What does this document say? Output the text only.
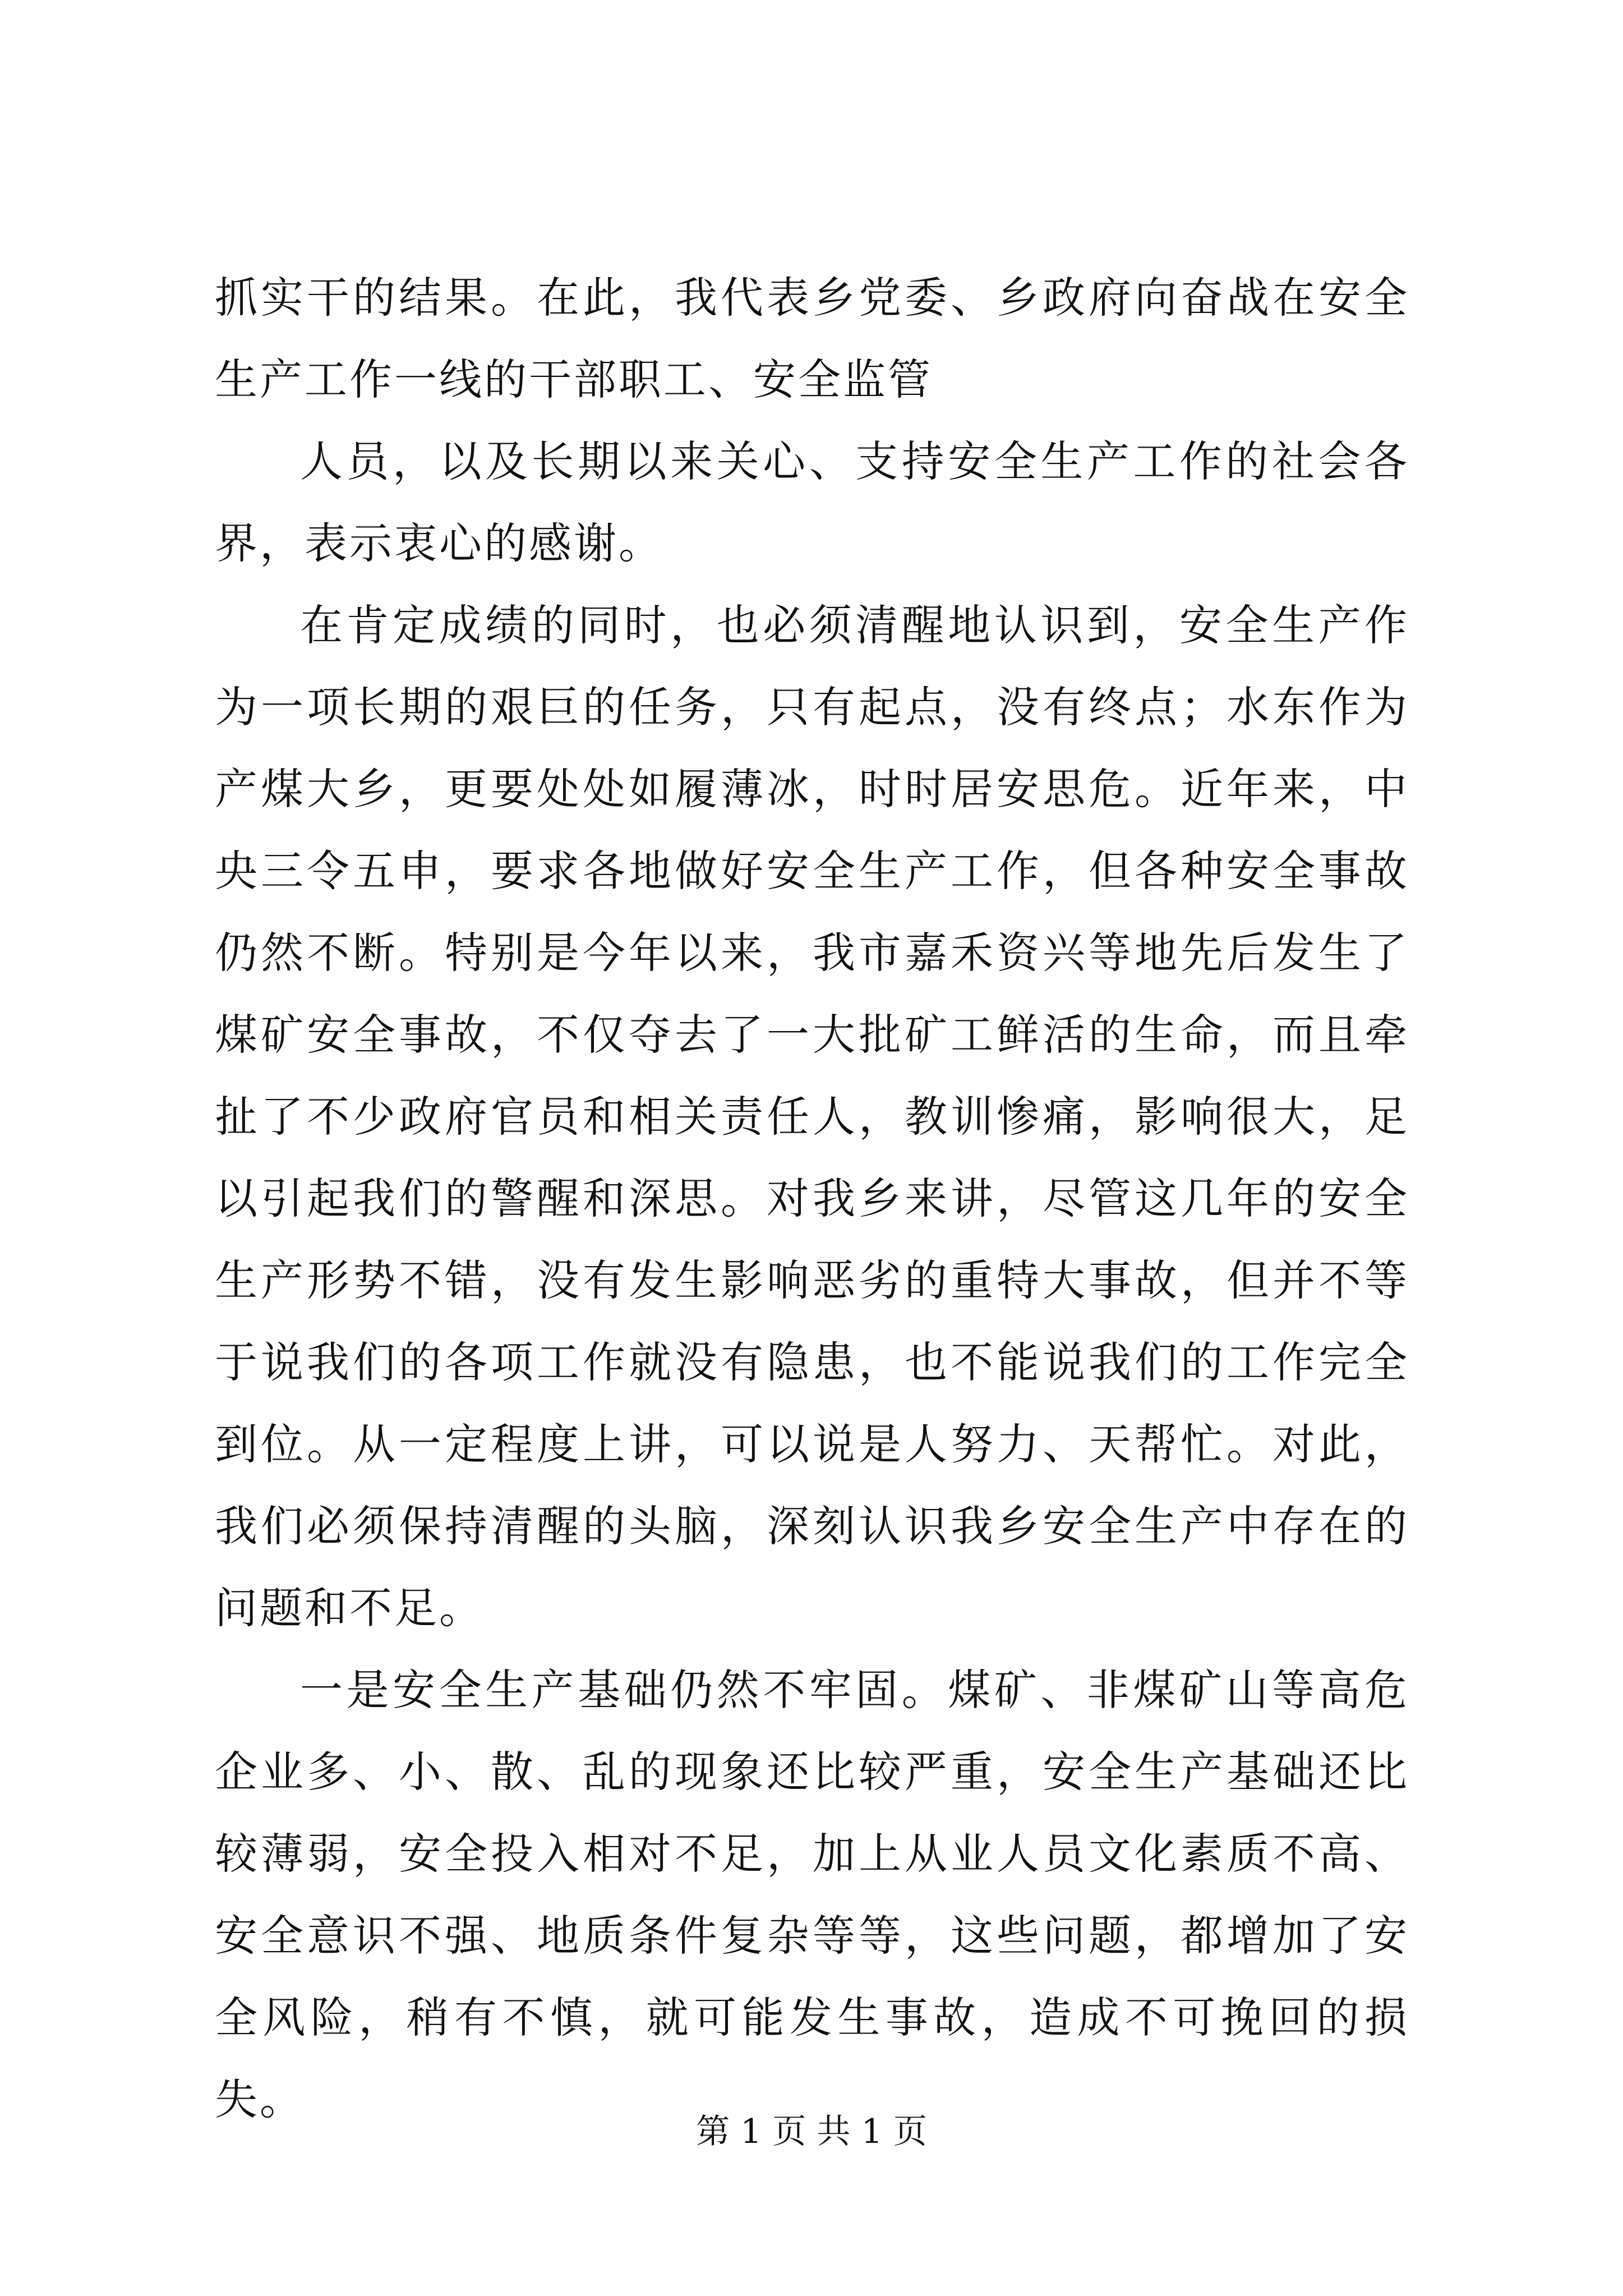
抓实干的结果。在此，我代表乡党委、乡政府向奋战在安全生产工作一线的干部职工、安全监管

人员，以及长期以来关心、支持安全生产工作的社会各界，表示衷心的感谢。

在肯定成绩的同时，也必须清醒地认识到，安全生产作为一项长期的艰巨的任务，只有起点，没有终点；水东作为产煤大乡，更要处处如履薄冰，时时居安思危。近年来，中央三令五申，要求各地做好安全生产工作，但各种安全事故仍然不断。特别是今年以来，我市嘉禾资兴等地先后发生了煤矿安全事故，不仅夺去了一大批矿工鲜活的生命，而且牵扯了不少政府官员和相关责任人，教训惨痛，影响很大，足以引起我们的警醒和深思。对我乡来讲，尽管这几年的安全生产形势不错，没有发生影响恶劣的重特大事故，但并不等于说我们的各项工作就没有隐患，也不能说我们的工作完全到位。从一定程度上讲，可以说是人努力、天帮忙。对此，我们必须保持清醒的头脑，深刻认识我乡安全生产中存在的问题和不足。

一是安全生产基础仍然不牢固。煤矿、非煤矿山等高危企业多、小、散、乱的现象还比较严重，安全生产基础还比较薄弱，安全投入相对不足，加上从业人员文化素质不高、安全意识不强、地质条件复杂等等，这些问题，都增加了安全风险，稍有不慎，就可能发生事故，造成不可挽回的损失。

第 1 页 共 1 页
